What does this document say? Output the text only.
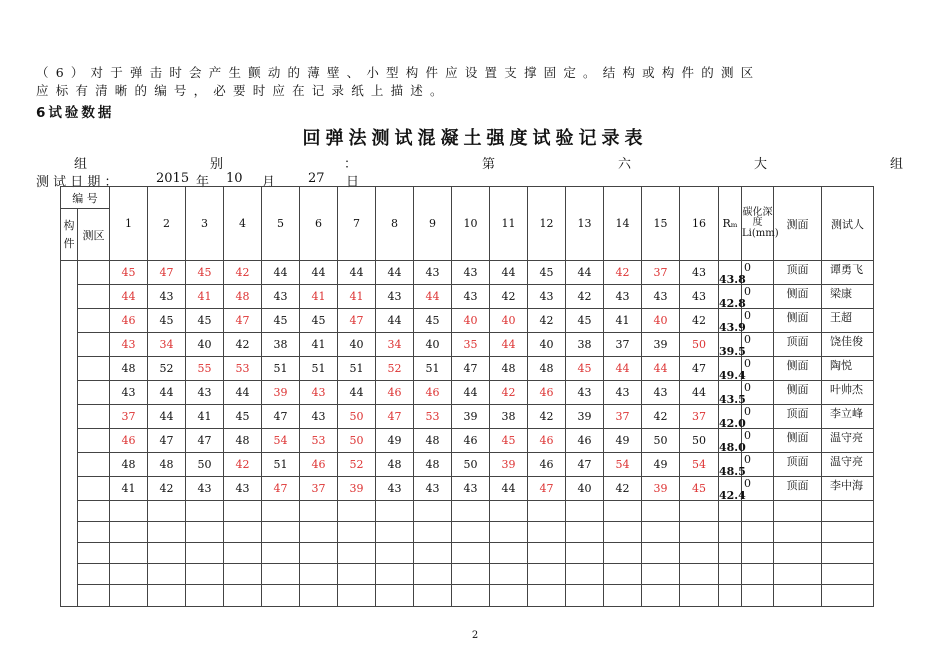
（6）对于弹击时会产生颤动的薄壁、小型构件应设置支撑固定。结构或构件的测区
应标有清晰的编号，必要时应在记录纸上描述。
6试验数据
回弹法测试混凝土强度试验记录表
组	别	：	第	六	大	组
测 试 日 期 ：	2015 年 10 月	27 日
编 号		1	2	3	4	5	6	7	8	9	10	11	12	13	14	15	16	Rₘ	碳化深度Li(mm)	测面	测试人
构件	测区																				
		45	47	45	42	44	44	44	44	43	43	44	45	44	42	37	43	43.8	0	顶面	谭勇飞
		44	43	41	48	43	41	41	43	44	43	42	43	42	43	43	43	42.8	0	侧面	梁康
		46	45	45	47	45	45	47	44	45	40	40	42	45	41	40	42	43.9	0	侧面	王超
		43	34	40	42	38	41	40	34	40	35	44	40	38	37	39	50	39.5	0	顶面	饶佳俊
		48	52	55	53	51	51	51	52	51	47	48	48	45	44	44	47	49.4	0	侧面	陶悦
		43	44	43	44	39	43	44	46	46	44	42	46	43	43	43	44	43.5	0	侧面	叶帅杰
		37	44	41	45	47	43	50	47	53	39	38	42	39	37	42	37	42.0	0	顶面	李立峰
		46	47	47	48	54	53	50	49	48	46	45	46	46	49	50	50	48.0	0	侧面	温守亮
		48	48	50	42	51	46	52	48	48	50	39	46	47	54	49	54	48.5	0	顶面	温守亮
		41	42	43	43	47	37	39	43	43	43	44	47	40	42	39	45	42.4	0	顶面	李中海

2
